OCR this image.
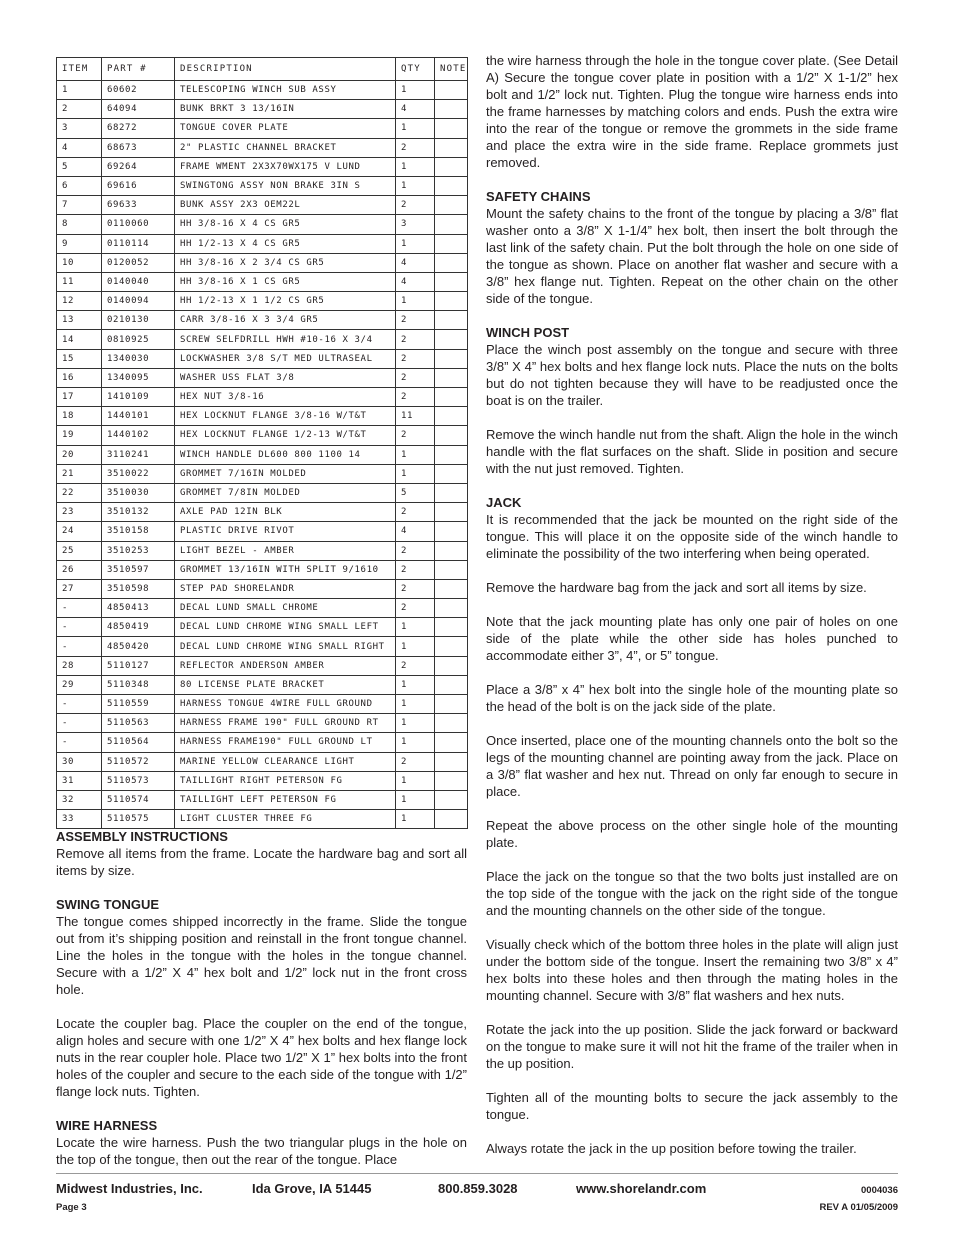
ITEM	PART #	DESCRIPTION	QTY	NOTE
1	60602	TELESCOPING WINCH SUB ASSY	1	
2	64094	BUNK BRKT 3 13/16IN	4	
3	68272	TONGUE COVER PLATE	1	
4	68673	2" PLASTIC CHANNEL BRACKET	2	
5	69264	FRAME WMENT 2X3X70WX175 V LUND	1	
6	69616	SWINGTONG ASSY NON BRAKE 3IN S	1	
7	69633	BUNK ASSY 2X3 OEM22L	2	
8	0110060	HH 3/8-16 X 4 CS GR5	3	
9	0110114	HH 1/2-13 X 4 CS GR5	1	
10	0120052	HH 3/8-16 X 2 3/4 CS GR5	4	
11	0140040	HH 3/8-16 X 1 CS GR5	4	
12	0140094	HH 1/2-13 X 1 1/2 CS GR5	1	
13	0210130	CARR 3/8-16 X 3 3/4 GR5	2	
14	0810925	SCREW SELFDRILL HWH #10-16 X 3/4	2	
15	1340030	LOCKWASHER 3/8 S/T MED ULTRASEAL	2	
16	1340095	WASHER USS FLAT 3/8	2	
17	1410109	HEX NUT 3/8-16	2	
18	1440101	HEX LOCKNUT FLANGE 3/8-16 W/T&T	11	
19	1440102	HEX LOCKNUT FLANGE 1/2-13 W/T&T	2	
20	3110241	WINCH HANDLE DL600 800 1100 14	1	
21	3510022	GROMMET 7/16IN MOLDED	1	
22	3510030	GROMMET 7/8IN MOLDED	5	
23	3510132	AXLE PAD 12IN BLK	2	
24	3510158	PLASTIC DRIVE RIVOT	4	
25	3510253	LIGHT BEZEL - AMBER	2	
26	3510597	GROMMET 13/16IN WITH SPLIT 9/1610	2	
27	3510598	STEP PAD SHORELANDR	2	
-	4850413	DECAL LUND SMALL CHROME	2	
-	4850419	DECAL LUND CHROME WING SMALL LEFT	1	
-	4850420	DECAL LUND CHROME WING SMALL RIGHT	1	
28	5110127	REFLECTOR ANDERSON AMBER	2	
29	5110348	80 LICENSE PLATE BRACKET	1	
-	5110559	HARNESS TONGUE 4WIRE FULL GROUND	1	
-	5110563	HARNESS FRAME 190" FULL GROUND RT	1	
-	5110564	HARNESS FRAME190" FULL GROUND LT	1	
30	5110572	MARINE YELLOW CLEARANCE LIGHT	2	
31	5110573	TAILLIGHT RIGHT PETERSON FG	1	
32	5110574	TAILLIGHT LEFT PETERSON FG	1	
33	5110575	LIGHT CLUSTER THREE FG	1	

ASSEMBLY INSTRUCTIONS

Remove all items from the frame. Locate the hardware bag and sort all items by size.

SWING TONGUE

The tongue comes shipped incorrectly in the frame. Slide the tongue out from it’s shipping position and reinstall in the front tongue channel. Line the holes in the tongue with the holes in the tongue channel. Secure with a 1/2” X 4” hex bolt and 1/2” lock nut in the front cross hole.

Locate the coupler bag. Place the coupler on the end of the tongue, align holes and secure with one 1/2” X 4” hex bolts and hex flange lock nuts in the rear coupler hole. Place two 1/2” X 1” hex bolts into the front holes of the coupler and secure to the each side of the tongue with 1/2” flange lock nuts. Tighten.

WIRE HARNESS

Locate the wire harness. Push the two triangular plugs in the hole on the top of the tongue, then out the rear of the tongue. Place

the wire harness through the hole in the tongue cover plate. (See Detail A) Secure the tongue cover plate in position with a 1/2” X 1-1/2” hex bolt and 1/2” lock nut. Tighten. Plug the tongue wire harness ends into the frame harnesses by matching colors and ends. Push the extra wire into the rear of the tongue or remove the grommets in the side frame and place the extra wire in the side frame. Replace grommets just removed.

SAFETY CHAINS

Mount the safety chains to the front of the tongue by placing a 3/8” flat washer onto a 3/8” X 1-1/4” hex bolt, then insert the bolt through the last link of the safety chain. Put the bolt through the hole on one side of the tongue as shown. Place on another flat washer and secure with a 3/8” hex flange nut. Tighten. Repeat on the other chain on the other side of the tongue.

WINCH POST

Place the winch post assembly on the tongue and secure with three 3/8” X 4” hex bolts and hex flange lock nuts. Place the nuts on the bolts but do not tighten because they will have to be readjusted once the boat is on the trailer.

Remove the winch handle nut from the shaft. Align the hole in the winch handle with the flat surfaces on the shaft. Slide in position and secure with the nut just removed. Tighten.

JACK

It is recommended that the jack be mounted on the right side of the tongue. This will place it on the opposite side of the winch handle to eliminate the possibility of the two interfering when being operated.

Remove the hardware bag from the jack and sort all items by size.

Note that the jack mounting plate has only one pair of holes on one side of the plate while the other side has holes punched to accommodate either 3”, 4”, or 5” tongue.

Place a 3/8” x 4” hex bolt into the single hole of the mounting plate so the head of the bolt is on the jack side of the plate.

Once inserted, place one of the mounting channels onto the bolt so the legs of the mounting channel are pointing away from the jack. Place on a 3/8” flat washer and hex nut. Thread on only far enough to secure in place.

Repeat the above process on the other single hole of the mounting plate.

Place the jack on the tongue so that the two bolts just installed are on the top side of the tongue with the jack on the right side of the tongue and the mounting channels on the other side of the tongue.

Visually check which of the bottom three holes in the plate will align just under the bottom side of the tongue. Insert the remaining two 3/8” x 4” hex bolts into these holes and then through the mating holes in the mounting channel. Secure with 3/8” flat washers and hex nuts.

Rotate the jack into the up position. Slide the jack forward or backward on the tongue to make sure it will not hit the frame of the trailer when in the up position.

Tighten all of the mounting bolts to secure the jack assembly to the tongue.

Always rotate the jack in the up position before towing the trailer.

Midwest Industries, Inc.	Ida Grove, IA 51445	800.859.3028	www.shorelandr.com	0004036
Page 3	REV A 01/05/2009
